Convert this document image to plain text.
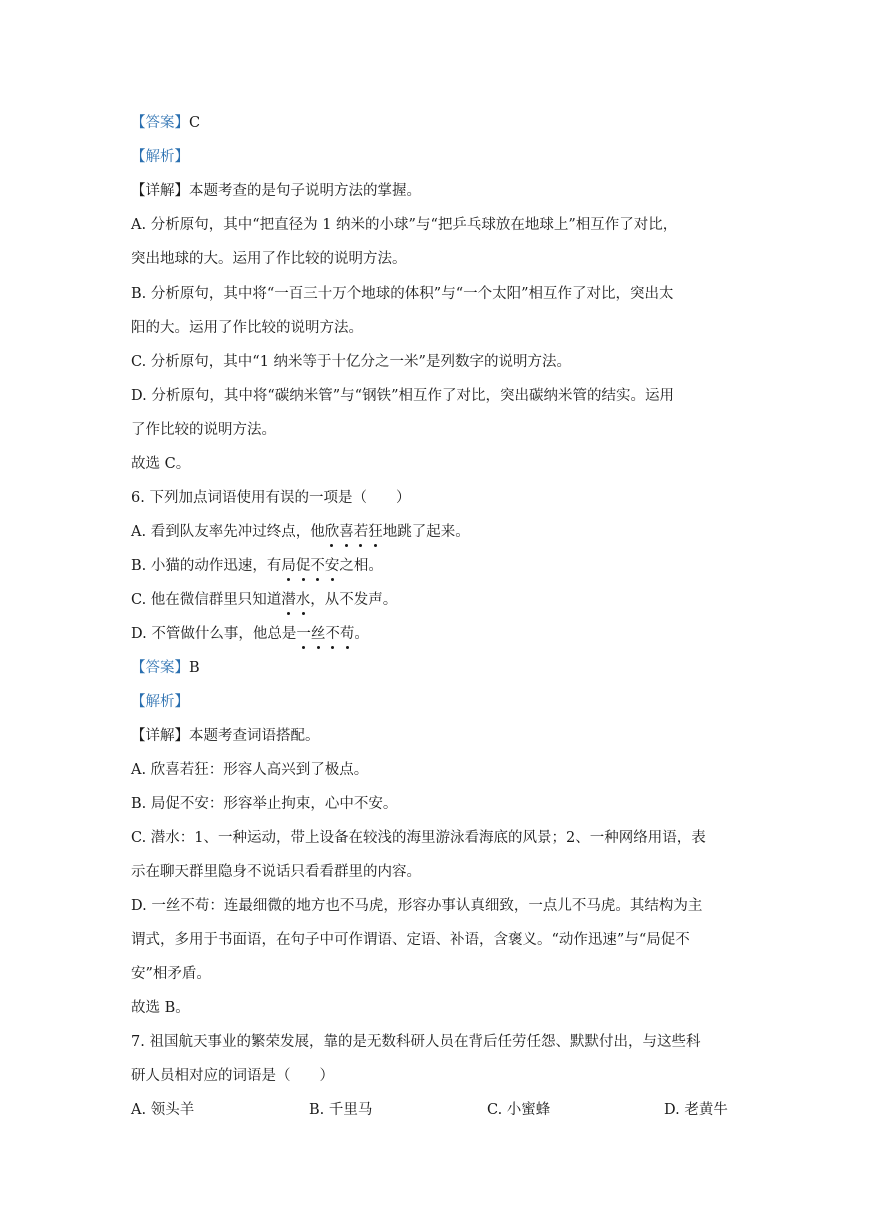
【答案】C
【解析】
【详解】本题考查的是句子说明方法的掌握。
A. 分析原句，其中“把直径为 1 纳米的小球”与“把乒乓球放在地球上”相互作了对比，
突出地球的大。运用了作比较的说明方法。
B. 分析原句，其中将“一百三十万个地球的体积”与“一个太阳”相互作了对比，突出太
阳的大。运用了作比较的说明方法。
C. 分析原句，其中“1 纳米等于十亿分之一米”是列数字的说明方法。
D. 分析原句，其中将“碳纳米管”与“钢铁”相互作了对比，突出碳纳米管的结实。运用
了作比较的说明方法。
故选 C。
6. 下列加点词语使用有误的一项是（　　）
A. 看到队友率先冲过终点，他欣喜若狂地跳了起来。
B. 小猫的动作迅速，有局促不安之相。
C. 他在微信群里只知道潜水，从不发声。
D. 不管做什么事，他总是一丝不苟。
【答案】B
【解析】
【详解】本题考查词语搭配。
A. 欣喜若狂：形容人高兴到了极点。
B. 局促不安：形容举止拘束，心中不安。
C. 潜水：1、一种运动，带上设备在较浅的海里游泳看海底的风景；2、一种网络用语，表
示在聊天群里隐身不说话只看看群里的内容。
D. 一丝不苟：连最细微的地方也不马虎，形容办事认真细致，一点儿不马虎。其结构为主
谓式，多用于书面语，在句子中可作谓语、定语、补语，含褒义。“动作迅速”与“局促不
安”相矛盾。
故选 B。
7. 祖国航天事业的繁荣发展，靠的是无数科研人员在背后任劳任怨、默默付出，与这些科
研人员相对应的词语是（　　）
A. 领头羊	B. 千里马	C. 小蜜蜂	D. 老黄牛
